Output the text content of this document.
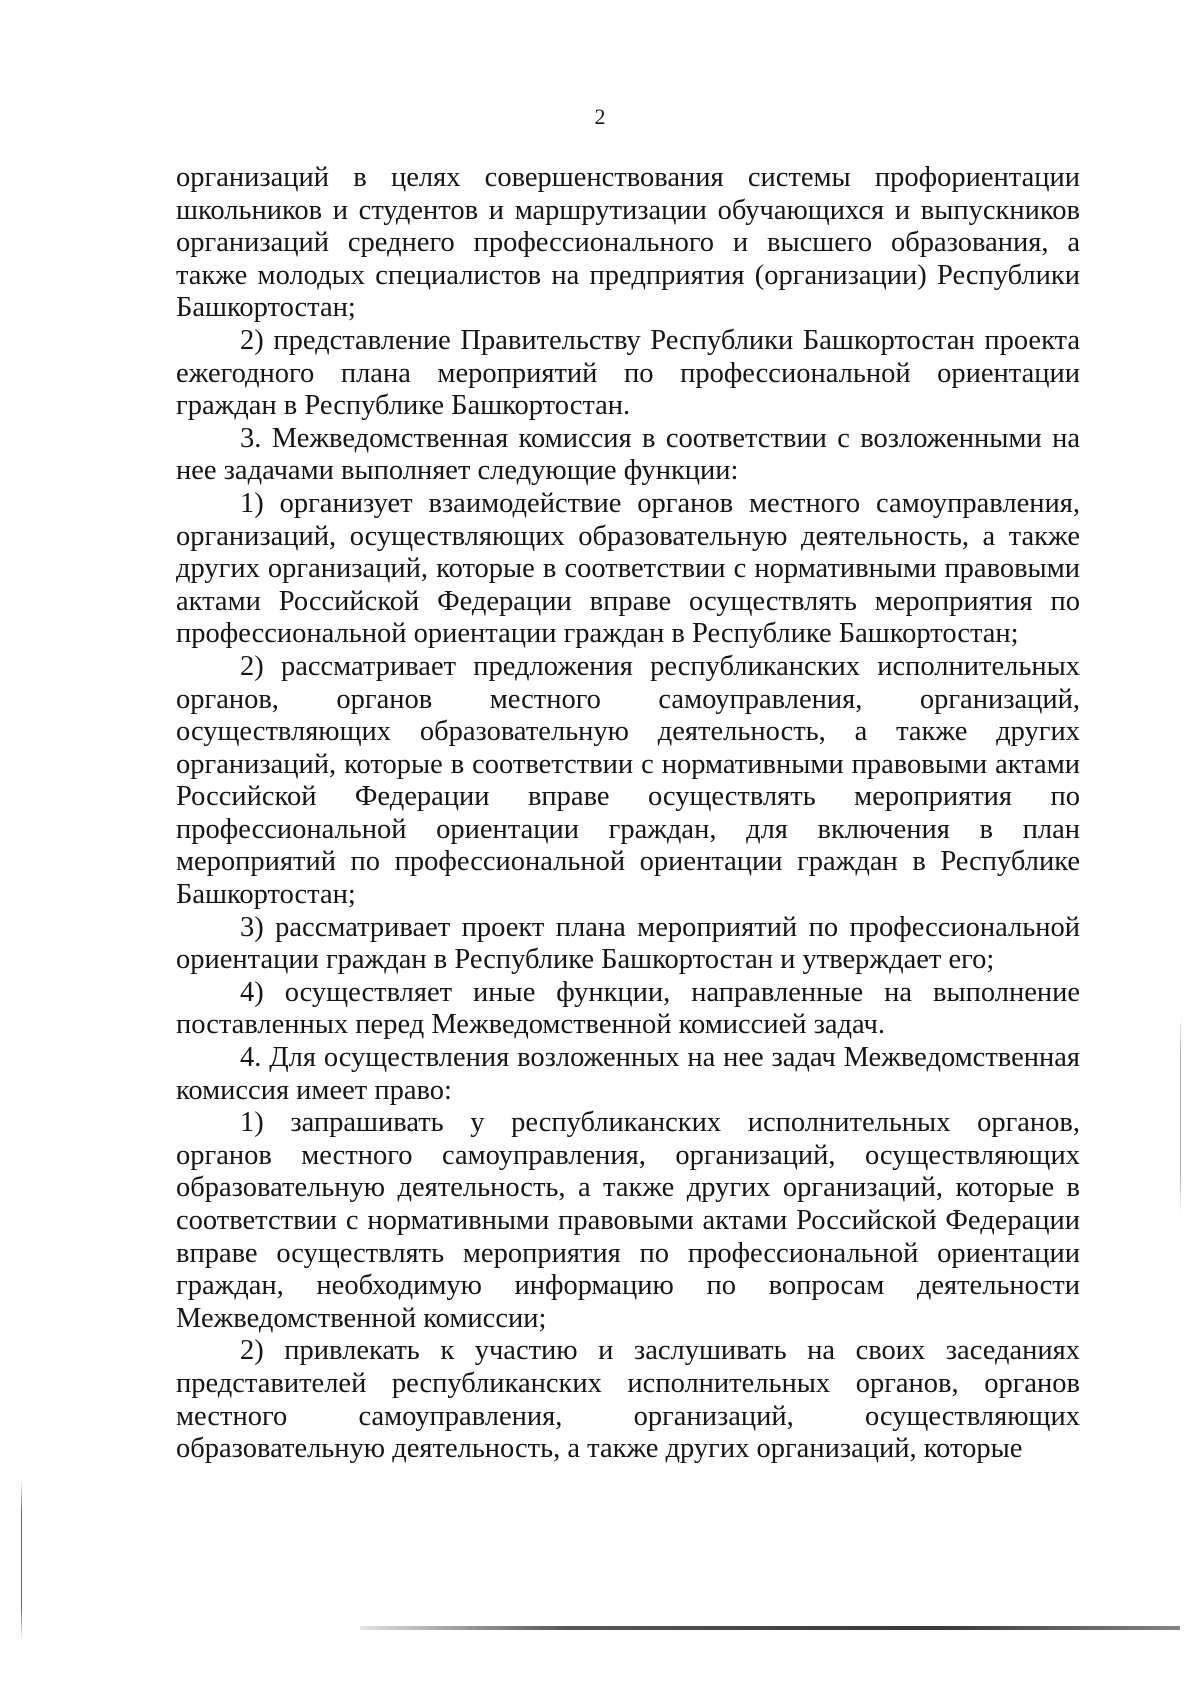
2

организаций в целях совершенствования системы профориентации школьников и студентов и маршрутизации обучающихся и выпускников организаций среднего профессионального и высшего образования, а также молодых специалистов на предприятия (организации) Республики Башкортостан;

2) представление Правительству Республики Башкортостан проекта ежегодного плана мероприятий по профессиональной ориентации граждан в Республике Башкортостан.

3. Межведомственная комиссия в соответствии с возложенными на нее задачами выполняет следующие функции:

1) организует взаимодействие органов местного самоуправления, организаций, осуществляющих образовательную деятельность, а также других организаций, которые в соответствии с нормативными правовыми актами Российской Федерации вправе осуществлять мероприятия по профессиональной ориентации граждан в Республике Башкортостан;

2) рассматривает предложения республиканских исполнительных органов, органов местного самоуправления, организаций, осуществляющих образовательную деятельность, а также других организаций, которые в соответствии с нормативными правовыми актами Российской Федерации вправе осуществлять мероприятия по профессиональной ориентации граждан, для включения в план мероприятий по профессиональной ориентации граждан в Республике Башкортостан;

3) рассматривает проект плана мероприятий по профессиональной ориентации граждан в Республике Башкортостан и утверждает его;

4) осуществляет иные функции, направленные на выполнение поставленных перед Межведомственной комиссией задач.

4. Для осуществления возложенных на нее задач Межведомственная комиссия имеет право:

1) запрашивать у республиканских исполнительных органов, органов местного самоуправления, организаций, осуществляющих образовательную деятельность, а также других организаций, которые в соответствии с нормативными правовыми актами Российской Федерации вправе осуществлять мероприятия по профессиональной ориентации граждан, необходимую информацию по вопросам деятельности Межведомственной комиссии;

2) привлекать к участию и заслушивать на своих заседаниях представителей республиканских исполнительных органов, органов местного самоуправления, организаций, осуществляющих образовательную деятельность, а также других организаций, которые
